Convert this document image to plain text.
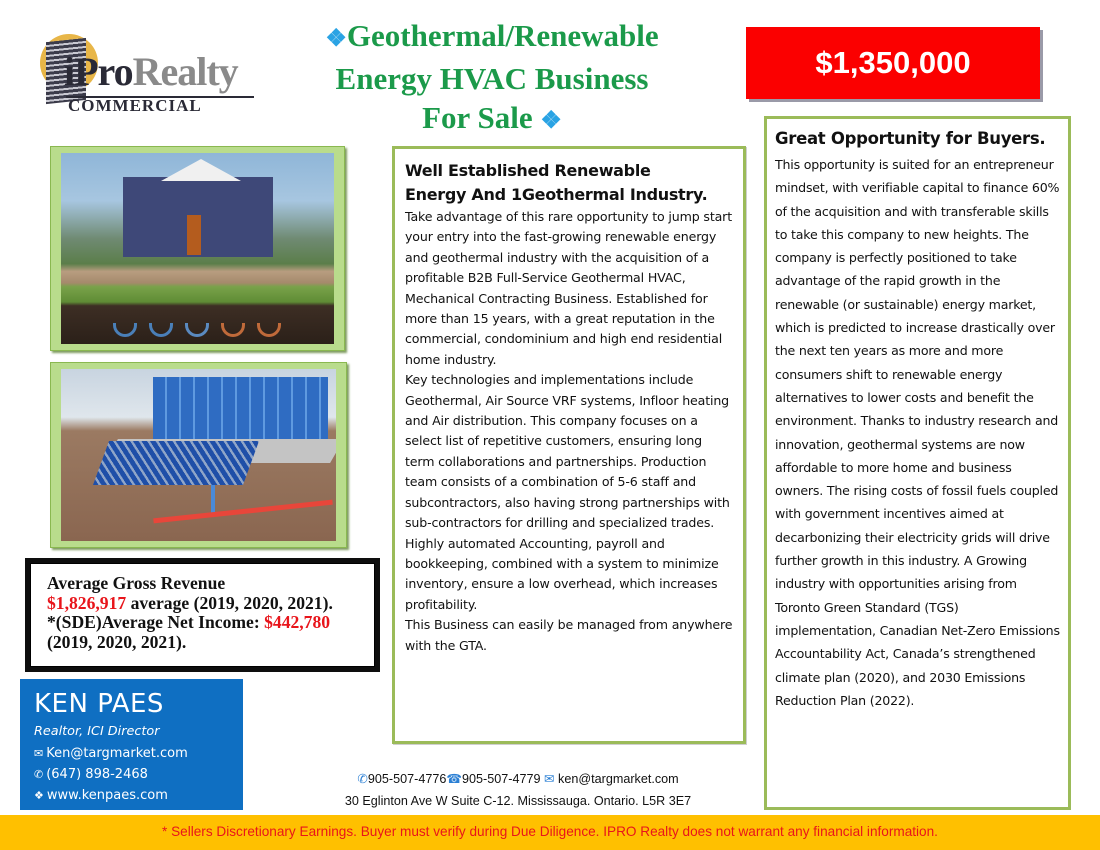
iProRealty
COMMERCIAL
❖Geothermal/Renewable
Energy HVAC Business
For Sale ❖
$1,350,000
Well Established Renewable
Energy And 1Geothermal Industry.

Take advantage of this rare opportunity to jump start your entry into the fast-growing renewable energy and geothermal industry with the acquisition of a profitable B2B Full-Service Geothermal HVAC, Mechanical Contracting Business. Established for more than 15 years, with a great reputation in the commercial, condominium and high end residential home industry.

Key technologies and implementations include Geothermal, Air Source VRF systems, Infloor heating and Air distribution. This company focuses on a select list of repetitive customers, ensuring long term collaborations and partnerships. Production team consists of a combination of 5-6 staff and subcontractors, also having strong partnerships with sub-contractors for drilling and specialized trades. Highly automated Accounting, payroll and bookkeeping, combined with a system to minimize inventory, ensure a low overhead, which increases profitability.

This Business can easily be managed from anywhere with the GTA.

Great Opportunity for Buyers.

This opportunity is suited for an entrepreneur mindset, with verifiable capital to finance 60% of the acquisition and with transferable skills to take this company to new heights. The company is perfectly positioned to take advantage of the rapid growth in the renewable (or sustainable) energy market, which is predicted to increase drastically over the next ten years as more and more consumers shift to renewable energy alternatives to lower costs and benefit the environment. Thanks to industry research and innovation, geothermal systems are now affordable to more home and business owners. The rising costs of fossil fuels coupled with government incentives aimed at decarbonizing their electricity grids will drive further growth in this industry. A Growing industry with opportunities arising from Toronto Green Standard (TGS) implementation, Canadian Net-Zero Emissions Accountability Act, Canada’s strengthened climate plan (2020), and 2030 Emissions Reduction Plan (2022).

Average Gross Revenue
$1,826,917 average (2019, 2020, 2021).
*(SDE)Average Net Income: $442,780
(2019, 2020, 2021).
KEN PAES
Realtor, ICI Director
✉ Ken@targmarket.com
✆ (647) 898-2468
❖ www.kenpaes.com
✆905-507-4776☎905-507-4779 ✉ ken@targmarket.com
30 Eglinton Ave W Suite C-12. Mississauga. Ontario. L5R 3E7
* Sellers Discretionary Earnings. Buyer must verify during Due Diligence. IPRO Realty does not warrant any financial information.
